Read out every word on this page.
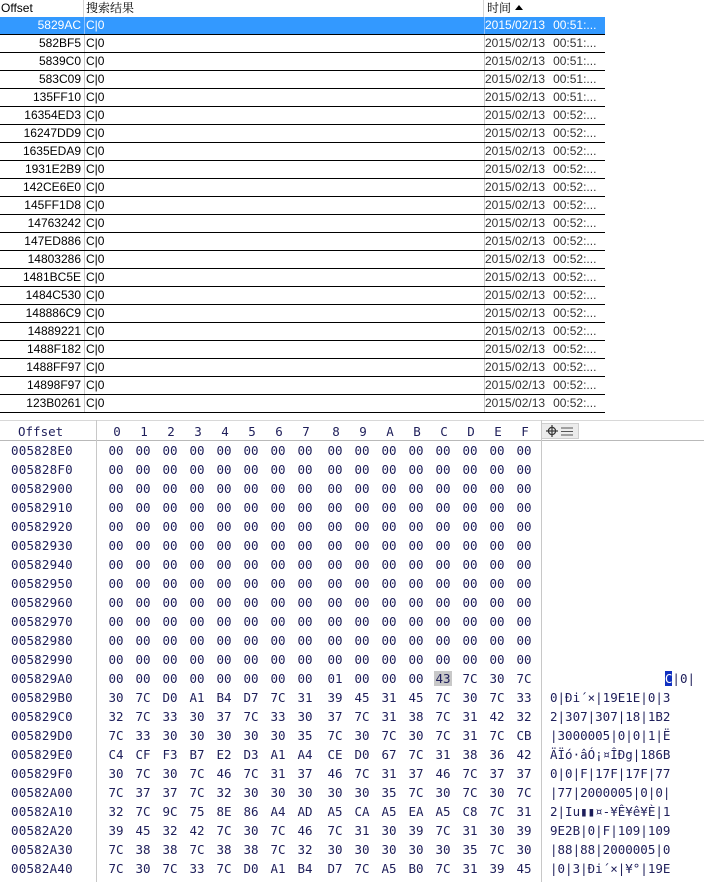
Offset	搜索结果	时间
5829AC C|0	2015/02/13 00:51:...
582BF5 C|0	2015/02/13 00:51:...
5839C0 C|0	2015/02/13 00:51:...
583C09 C|0	2015/02/13 00:51:...
135FF10 C|0	2015/02/13 00:51:...
16354ED3 C|0	2015/02/13 00:52:...
16247DD9 C|0	2015/02/13 00:52:...
1635EDA9 C|0	2015/02/13 00:52:...
1931E2B9 C|0	2015/02/13 00:52:...
142CE6E0 C|0	2015/02/13 00:52:...
145FF1D8 C|0	2015/02/13 00:52:...
14763242 C|0	2015/02/13 00:52:...
147ED886 C|0	2015/02/13 00:52:...
14803286 C|0	2015/02/13 00:52:...
1481BC5E C|0	2015/02/13 00:52:...
1484C530 C|0	2015/02/13 00:52:...
148886C9 C|0	2015/02/13 00:52:...
14889221 C|0	2015/02/13 00:52:...
1488F182 C|0	2015/02/13 00:52:...
1488FF97 C|0	2015/02/13 00:52:...
14898F97 C|0	2015/02/13 00:52:...
123B0261 C|0	2015/02/13 00:52:...
Offset	0 1 2 3 4 5 6 7 8 9 A B C D E F
005828E0	00 00 00 00 00 00 00 00 00 00 00 00 00 00 00 00
005828F0	00 00 00 00 00 00 00 00 00 00 00 00 00 00 00 00
00582900	00 00 00 00 00 00 00 00 00 00 00 00 00 00 00 00
00582910	00 00 00 00 00 00 00 00 00 00 00 00 00 00 00 00
00582920	00 00 00 00 00 00 00 00 00 00 00 00 00 00 00 00
00582930	00 00 00 00 00 00 00 00 00 00 00 00 00 00 00 00
00582940	00 00 00 00 00 00 00 00 00 00 00 00 00 00 00 00
00582950	00 00 00 00 00 00 00 00 00 00 00 00 00 00 00 00
00582960	00 00 00 00 00 00 00 00 00 00 00 00 00 00 00 00
00582970	00 00 00 00 00 00 00 00 00 00 00 00 00 00 00 00
00582980	00 00 00 00 00 00 00 00 00 00 00 00 00 00 00 00
00582990	00 00 00 00 00 00 00 00 00 00 00 00 00 00 00 00
005829A0	00 00 00 00 00 00 00 00 01 00 00 00 43 7C 30 7C	C|0|
005829B0	30 7C D0 A1 B4 D7 7C 31 39 45 31 45 7C 30 7C 33 0|Ði´×|19E1E|0|3
005829C0	32 7C 33 30 37 7C 33 30 37 7C 31 38 7C 31 42 32 2|307|307|18|1B2
005829D0	7C 33 30 30 30 30 30 35 7C 30 7C 30 7C 31 7C CB |3000005|0|0|1|Ë
005829E0	C4 CF F3 B7 E2 D3 A1 A4 CE D0 67 7C 31 38 36 42 ÄÏó·âÓ¡¤ÎÐg|186B
005829F0	30 7C 30 7C 46 7C 31 37 46 7C 31 37 46 7C 37 37 0|0|F|17F|17F|77
00582A00	7C 37 37 7C 32 30 30 30 30 30 35 7C 30 7C 30 7C |77|2000005|0|0|
00582A10	32 7C 9C 75 8E 86 A4 AD A5 CA A5 EA A5 C8 7C 31 2|Ιu▮▮¤-¥Ê¥ê¥È|1
00582A20	39 45 32 42 7C 30 7C 46 7C 31 30 39 7C 31 30 39 9E2B|0|F|109|109
00582A30	7C 38 38 7C 38 38 7C 32 30 30 30 30 30 35 7C 30 |88|88|2000005|0
00582A40	7C 30 7C 33 7C D0 A1 B4 D7 7C A5 B0 7C 31 39 45 |0|3|Ði´×|¥°|19E
